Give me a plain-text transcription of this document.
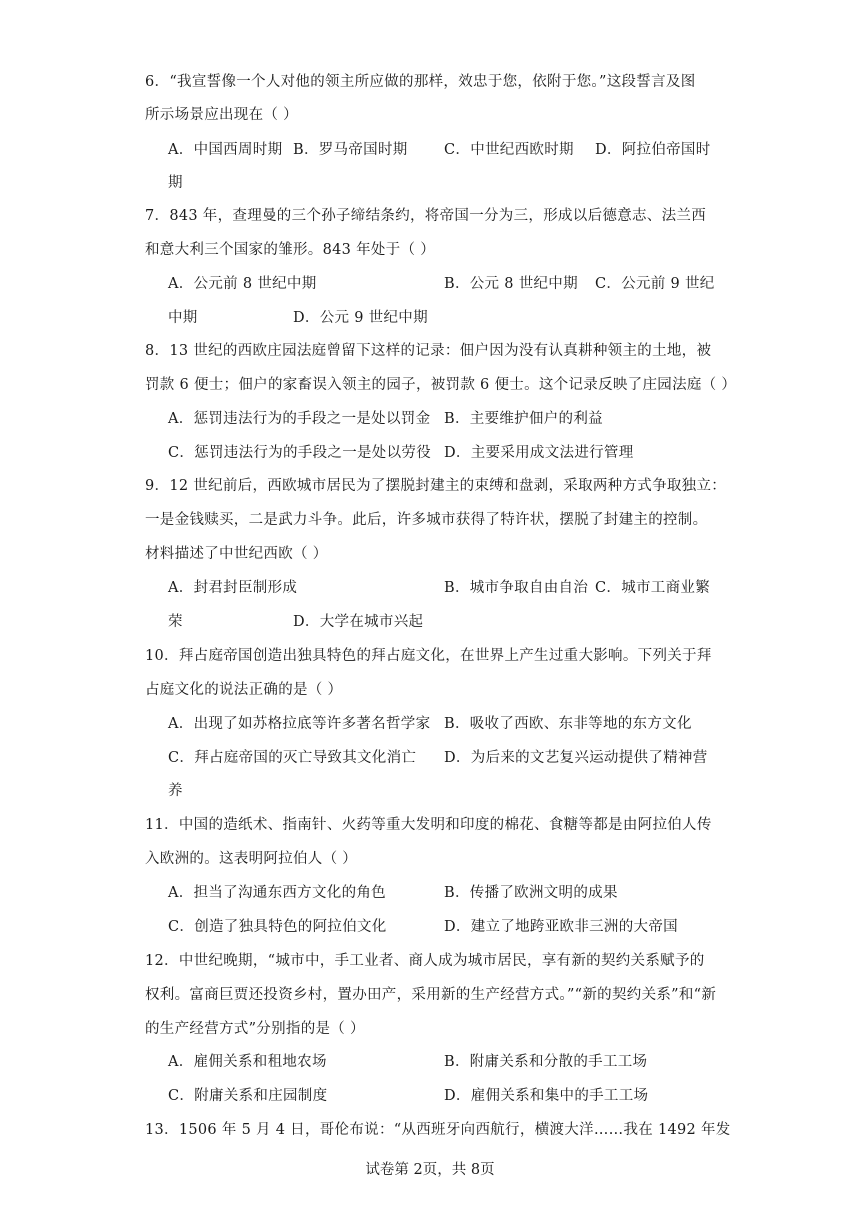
6．“我宣誓像一个人对他的领主所应做的那样，效忠于您，依附于您。”这段誓言及图
所示场景应出现在（ ）
A．中国西周时期 B．罗马帝国时期	C．中世纪西欧时期 D．阿拉伯帝国时
期
7．843 年，查理曼的三个孙子缔结条约，将帝国一分为三，形成以后德意志、法兰西
和意大利三个国家的雏形。843 年处于（ ）
A．公元前 8 世纪中期	B．公元 8 世纪中期 C．公元前 9 世纪
中期	D．公元 9 世纪中期
8．13 世纪的西欧庄园法庭曾留下这样的记录：佃户因为没有认真耕种领主的土地，被
罚款 6 便士；佃户的家畜误入领主的园子，被罚款 6 便士。这个记录反映了庄园法庭（ ）
A．惩罚违法行为的手段之一是处以罚金 B．主要维护佃户的利益
C．惩罚违法行为的手段之一是处以劳役 D．主要采用成文法进行管理
9．12 世纪前后，西欧城市居民为了摆脱封建主的束缚和盘剥，采取两种方式争取独立：
一是金钱赎买，二是武力斗争。此后，许多城市获得了特许状，摆脱了封建主的控制。
材料描述了中世纪西欧（ ）
A．封君封臣制形成	B．城市争取自由自治 C．城市工商业繁
荣	D．大学在城市兴起
10．拜占庭帝国创造出独具特色的拜占庭文化，在世界上产生过重大影响。下列关于拜
占庭文化的说法正确的是（ ）
A．出现了如苏格拉底等许多著名哲学家 B．吸收了西欧、东非等地的东方文化
C．拜占庭帝国的灭亡导致其文化消亡 D．为后来的文艺复兴运动提供了精神营
养
11．中国的造纸术、指南针、火药等重大发明和印度的棉花、食糖等都是由阿拉伯人传
入欧洲的。这表明阿拉伯人（ ）
A．担当了沟通东西方文化的角色	B．传播了欧洲文明的成果
C．创造了独具特色的阿拉伯文化	D．建立了地跨亚欧非三洲的大帝国
12．中世纪晚期，“城市中，手工业者、商人成为城市居民，享有新的契约关系赋予的
权利。富商巨贾还投资乡村，置办田产，采用新的生产经营方式。”“新的契约关系”和“新
的生产经营方式”分别指的是（ ）
A．雇佣关系和租地农场	B．附庸关系和分散的手工工场
C．附庸关系和庄园制度	D．雇佣关系和集中的手工工场
13．1506 年 5 月 4 日，哥伦布说：“从西班牙向西航行，横渡大洋……我在 1492 年发
试卷第 2页，共 8页
